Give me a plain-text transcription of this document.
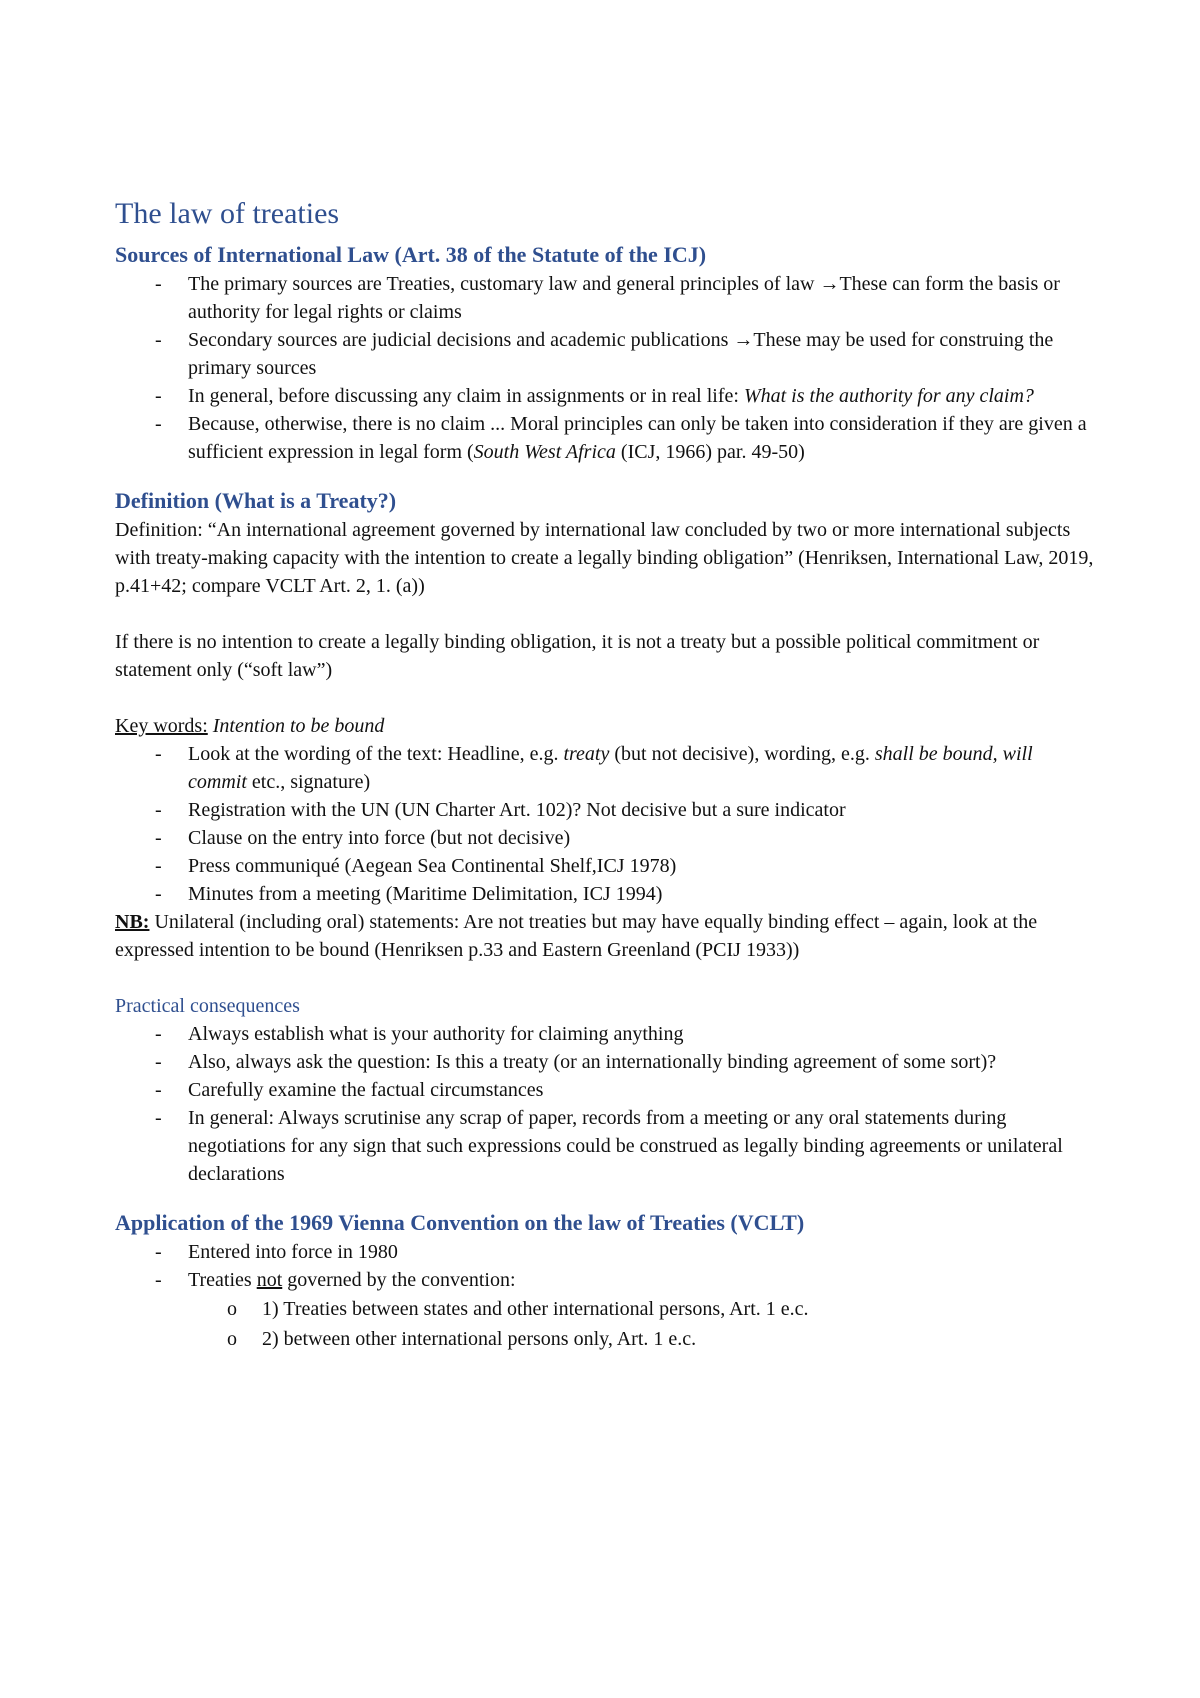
The law of treaties
Sources of International Law (Art. 38 of the Statute of the ICJ)
- The primary sources are Treaties, customary law and general principles of law →These can form the basis or authority for legal rights or claims
- Secondary sources are judicial decisions and academic publications →These may be used for construing the primary sources
- In general, before discussing any claim in assignments or in real life: What is the authority for any claim?
- Because, otherwise, there is no claim ... Moral principles can only be taken into consideration if they are given a sufficient expression in legal form (South West Africa (ICJ, 1966) par. 49-50)
Definition (What is a Treaty?)

Definition: “An international agreement governed by international law concluded by two or more international subjects with treaty-making capacity with the intention to create a legally binding obligation” (Henriksen, International Law, 2019, p.41+42; compare VCLT Art. 2, 1. (a))

If there is no intention to create a legally binding obligation, it is not a treaty but a possible political commitment or statement only (“soft law”)

Key words: Intention to be bound

- Look at the wording of the text: Headline, e.g. treaty (but not decisive), wording, e.g. shall be bound, will commit etc., signature)
- Registration with the UN (UN Charter Art. 102)? Not decisive but a sure indicator
- Clause on the entry into force (but not decisive)
- Press communiqué (Aegean Sea Continental Shelf,ICJ 1978)
- Minutes from a meeting (Maritime Delimitation, ICJ 1994)

NB: Unilateral (including oral) statements: Are not treaties but may have equally binding effect – again, look at the expressed intention to be bound (Henriksen p.33 and Eastern Greenland (PCIJ 1933))

Practical consequences
- Always establish what is your authority for claiming anything
- Also, always ask the question: Is this a treaty (or an internationally binding agreement of some sort)?
- Carefully examine the factual circumstances
- In general: Always scrutinise any scrap of paper, records from a meeting or any oral statements during negotiations for any sign that such expressions could be construed as legally binding agreements or unilateral declarations
Application of the 1969 Vienna Convention on the law of Treaties (VCLT)
- Entered into force in 1980
- Treaties not governed by the convention:
o 1) Treaties between states and other international persons, Art. 1 e.c.
o 2) between other international persons only, Art. 1 e.c.
